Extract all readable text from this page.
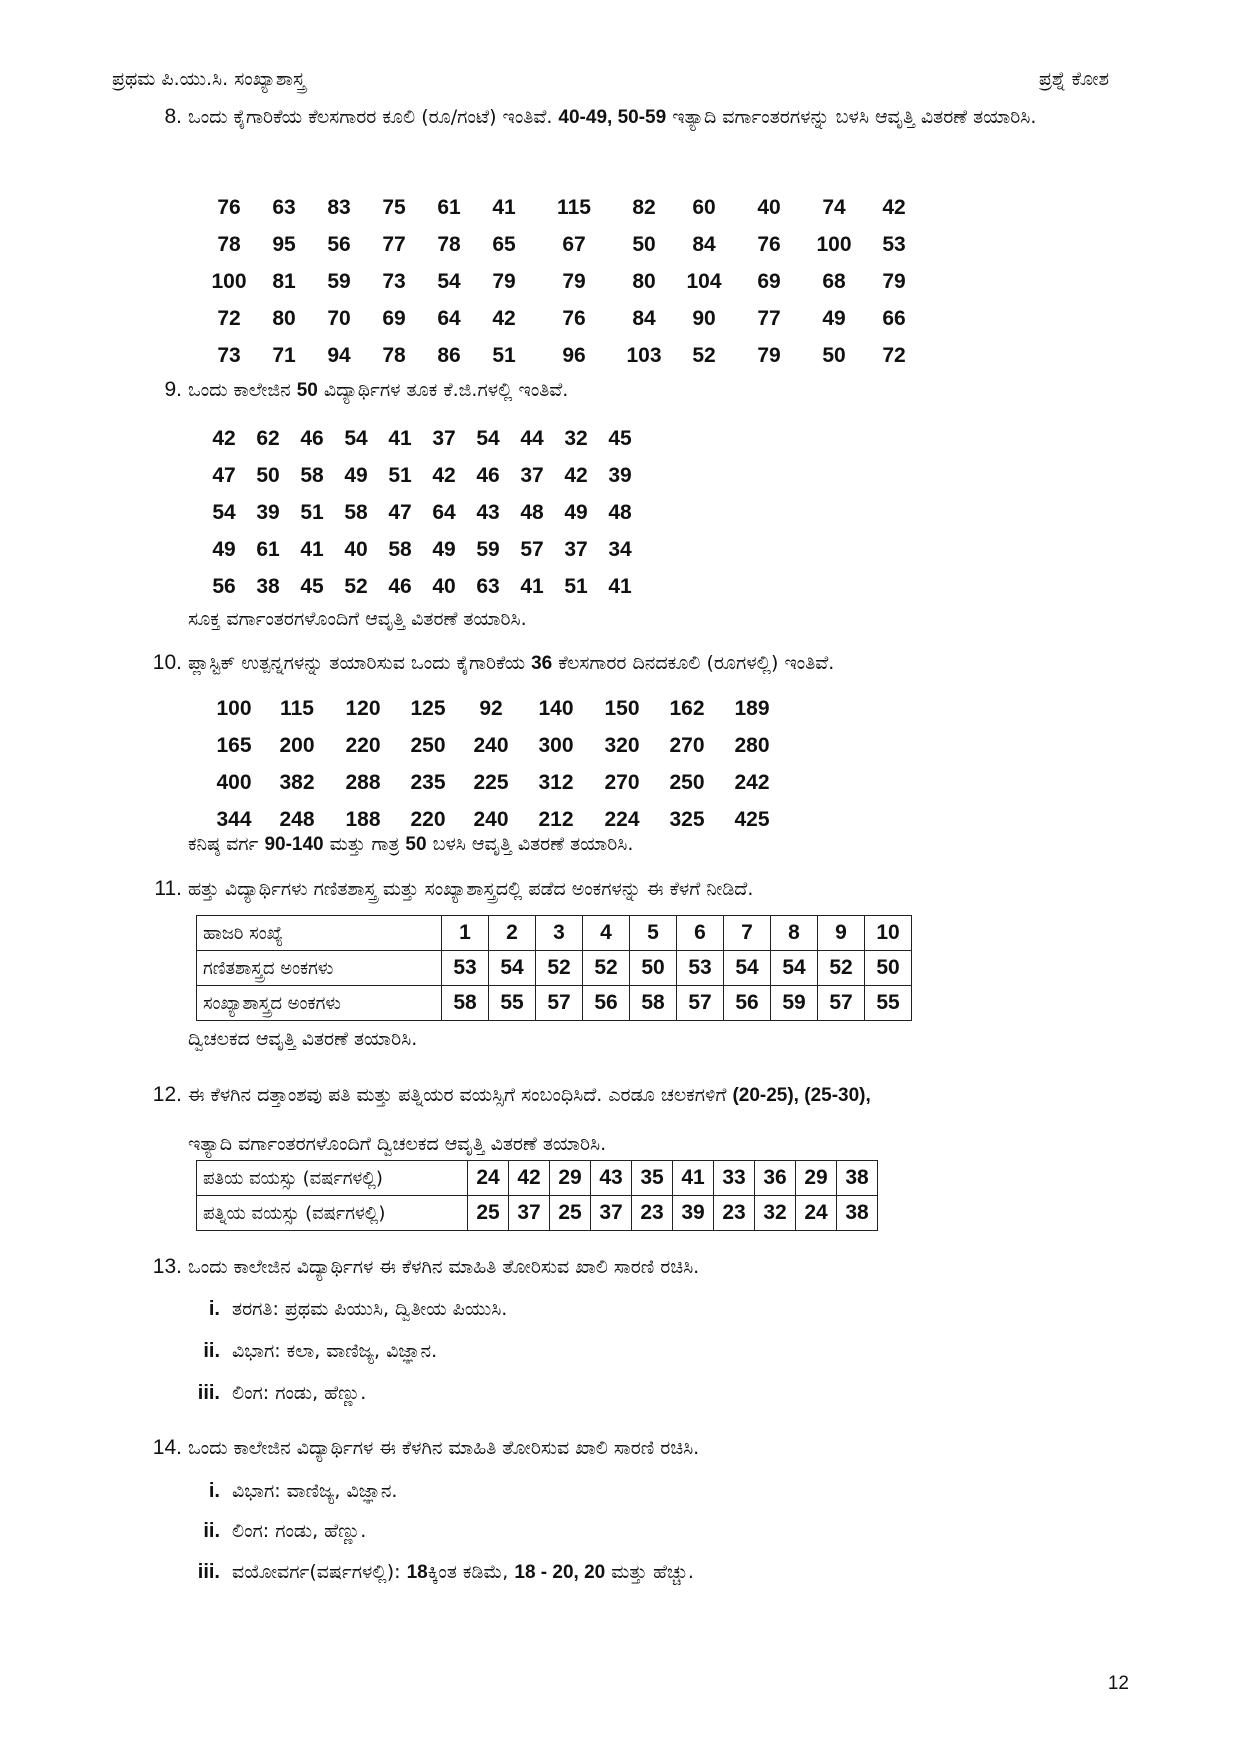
ಪ್ರಥಮ ಪಿ.ಯು.ಸಿ. ಸಂಖ್ಯಾಶಾಸ್ತ್ರ	ಪ್ರಶ್ನೆ ಕೋಶ
8. ಒಂದು ಕೈಗಾರಿಕೆಯ ಕೆಲಸಗಾರರ ಕೂಲಿ (ರೂ/ಗಂಟೆ) ಇಂತಿವೆ. 40-49, 50-59 ಇತ್ಯಾದಿ ವರ್ಗಾಂತರಗಳನ್ನು ಬಳಸಿ ಆವೃತ್ತಿ ವಿತರಣೆ ತಯಾರಿಸಿ.
76	63	83	75	61	41	115	82	60	40	74	42
78	95	56	77	78	65	67	50	84	76	100	53
100	81	59	73	54	79	79	80	104	69	68	79
72	80	70	69	64	42	76	84	90	77	49	66
73	71	94	78	86	51	96	103	52	79	50	72
9. ಒಂದು ಕಾಲೇಜಿನ 50 ವಿದ್ಯಾರ್ಥಿಗಳ ತೂಕ ಕೆ.ಜಿ.ಗಳಲ್ಲಿ ಇಂತಿವೆ.
42 62 46 54 41 37 54 44 32 45
47 50 58 49 51 42 46 37 42 39
54 39 51 58 47 64 43 48 49 48
49 61 41 40 58 49 59 57 37 34
56 38 45 52 46 40 63 41 51 41
ಸೂಕ್ತ ವರ್ಗಾಂತರಗಳೊಂದಿಗೆ ಆವೃತ್ತಿ ವಿತರಣೆ ತಯಾರಿಸಿ.
10. ಪ್ಲಾಸ್ಟಿಕ್ ಉತ್ಪನ್ನಗಳನ್ನು ತಯಾರಿಸುವ ಒಂದು ಕೈಗಾರಿಕೆಯ 36 ಕೆಲಸಗಾರರ ದಿನದಕೂಲಿ (ರೂಗಳಲ್ಲಿ) ಇಂತಿವೆ.
100	115	120	125	92	140	150	162	189
165	200	220	250	240	300	320	270	280
400	382	288	235	225	312	270	250	242
344	248	188	220	240	212	224	325	425
ಕನಿಷ್ಠ ವರ್ಗ 90-140 ಮತ್ತು ಗಾತ್ರ 50 ಬಳಸಿ ಆವೃತ್ತಿ ವಿತರಣೆ ತಯಾರಿಸಿ.
11. ಹತ್ತು ವಿದ್ಯಾರ್ಥಿಗಳು ಗಣಿತಶಾಸ್ತ್ರ ಮತ್ತು ಸಂಖ್ಯಾಶಾಸ್ತ್ರದಲ್ಲಿ ಪಡೆದ ಅಂಕಗಳನ್ನು ಈ ಕೆಳಗೆ ನೀಡಿದೆ.
ಹಾಜರಿ ಸಂಖ್ಯೆ	1	2	3	4	5	6	7	8	9	10
ಗಣಿತಶಾಸ್ತ್ರದ ಅಂಕಗಳು	53	54	52	52	50	53	54	54	52	50
ಸಂಖ್ಯಾಶಾಸ್ತ್ರದ ಅಂಕಗಳು	58	55	57	56	58	57	56	59	57	55
ದ್ವಿಚಲಕದ ಆವೃತ್ತಿ ವಿತರಣೆ ತಯಾರಿಸಿ.
12. ಈ ಕೆಳಗಿನ ದತ್ತಾಂಶವು ಪತಿ ಮತ್ತು ಪತ್ನಿಯರ ವಯಸ್ಸಿಗೆ ಸಂಬಂಧಿಸಿದೆ. ಎರಡೂ ಚಲಕಗಳಿಗೆ (20-25), (25-30),
ಇತ್ಯಾದಿ ವರ್ಗಾಂತರಗಳೊಂದಿಗೆ ದ್ವಿಚಲಕದ ಆವೃತ್ತಿ ವಿತರಣೆ ತಯಾರಿಸಿ.
ಪತಿಯ ವಯಸ್ಸು (ವರ್ಷಗಳಲ್ಲಿ)	24	42	29	43	35	41	33	36	29	38
ಪತ್ನಿಯ ವಯಸ್ಸು (ವರ್ಷಗಳಲ್ಲಿ)	25	37	25	37	23	39	23	32	24	38
13. ಒಂದು ಕಾಲೇಜಿನ ವಿದ್ಯಾರ್ಥಿಗಳ ಈ ಕೆಳಗಿನ ಮಾಹಿತಿ ತೋರಿಸುವ ಖಾಲಿ ಸಾರಣಿ ರಚಿಸಿ.
i. ತರಗತಿ: ಪ್ರಥಮ ಪಿಯುಸಿ, ದ್ವಿತೀಯ ಪಿಯುಸಿ.
ii. ವಿಭಾಗ: ಕಲಾ, ವಾಣಿಜ್ಯ, ವಿಜ್ಞಾನ.
iii. ಲಿಂಗ: ಗಂಡು, ಹೆಣ್ಣು.
14. ಒಂದು ಕಾಲೇಜಿನ ವಿದ್ಯಾರ್ಥಿಗಳ ಈ ಕೆಳಗಿನ ಮಾಹಿತಿ ತೋರಿಸುವ ಖಾಲಿ ಸಾರಣಿ ರಚಿಸಿ.
i. ವಿಭಾಗ: ವಾಣಿಜ್ಯ, ವಿಜ್ಞಾನ.
ii. ಲಿಂಗ: ಗಂಡು, ಹೆಣ್ಣು.
iii. ವಯೋವರ್ಗ(ವರ್ಷಗಳಲ್ಲಿ): 18ಕ್ಕಿಂತ ಕಡಿಮೆ, 18 - 20, 20 ಮತ್ತು ಹೆಚ್ಚು.
12
